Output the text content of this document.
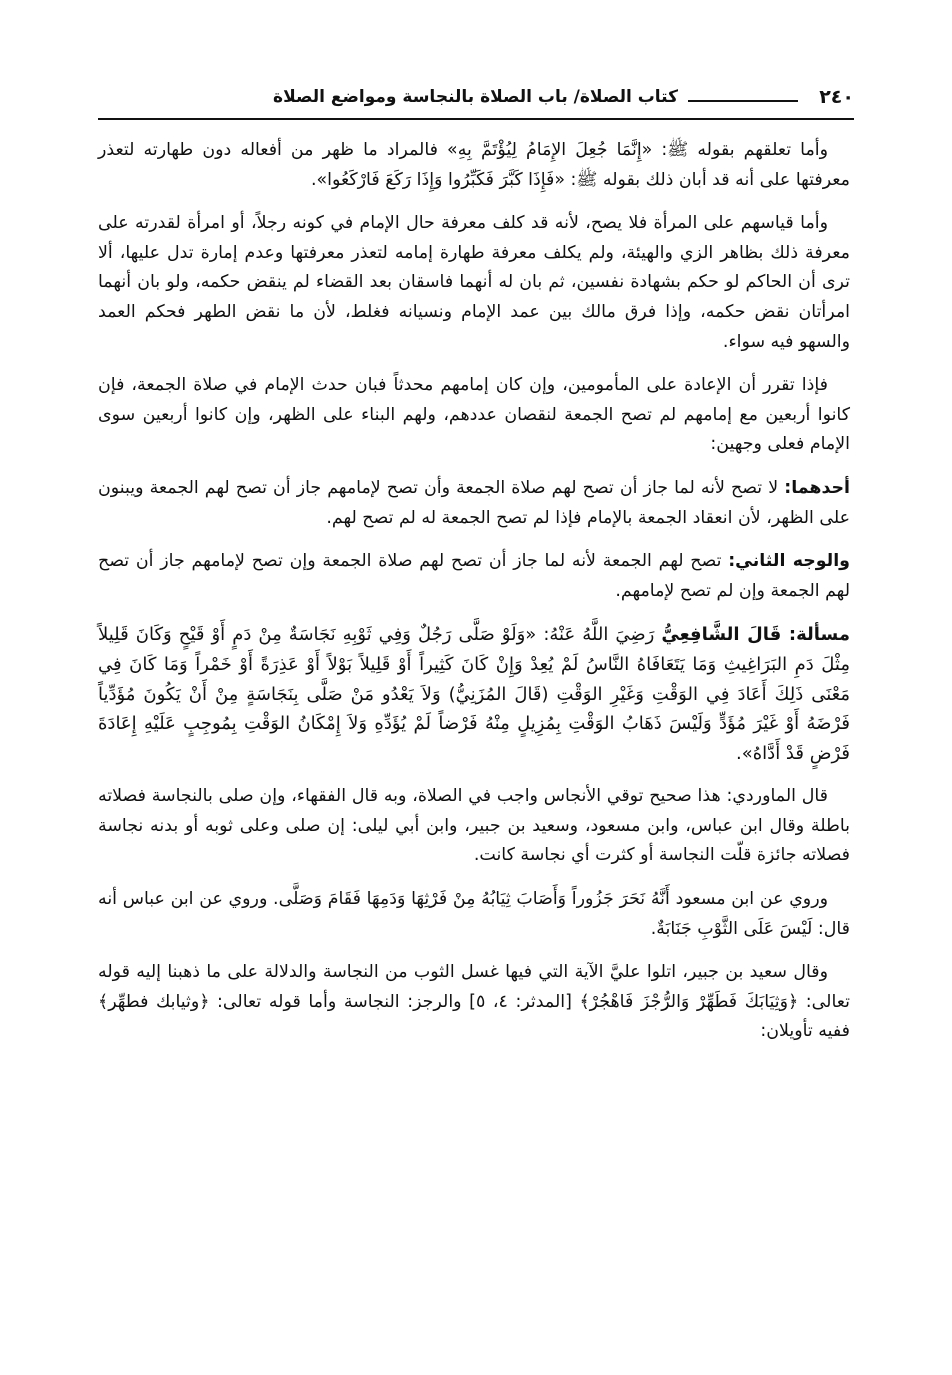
٢٤٠
كتاب الصلاة/ باب الصلاة بالنجاسة ومواضع الصلاة

وأما تعلقهم بقوله ﷺ: «إِنَّمَا جُعِلَ الإِمَامُ لِيُؤْتَمَّ بِهِ» فالمراد ما ظهر من أفعاله دون طهارته لتعذر معرفتها على أنه قد أبان ذلك بقوله ﷺ: «فَإِذَا كَبَّرَ فَكَبِّرُوا وَإِذَا رَكَعَ فَارْكَعُوا».

وأما قياسهم على المرأة فلا يصح، لأنه قد كلف معرفة حال الإمام في كونه رجلاً، أو امرأة لقدرته على معرفة ذلك بظاهر الزي والهيئة، ولم يكلف معرفة طهارة إمامه لتعذر معرفتها وعدم إمارة تدل عليها، ألا ترى أن الحاكم لو حكم بشهادة نفسين، ثم بان له أنهما فاسقان بعد القضاء لم ينقض حكمه، ولو بان أنهما امرأتان نقض حكمه، وإذا فرق مالك بين عمد الإمام ونسيانه فغلط، لأن ما نقض الطهر فحكم العمد والسهو فيه سواء.

فإذا تقرر أن الإعادة على المأمومين، وإن كان إمامهم محدثاً فبان حدث الإمام في صلاة الجمعة، فإن كانوا أربعين مع إمامهم لم تصح الجمعة لنقصان عددهم، ولهم البناء على الظهر، وإن كانوا أربعين سوى الإمام فعلى وجهين:

أحدهما: لا تصح لأنه لما جاز أن تصح لهم صلاة الجمعة وأن تصح لإمامهم جاز أن تصح لهم الجمعة ويبنون على الظهر، لأن انعقاد الجمعة بالإمام فإذا لم تصح الجمعة له لم تصح لهم.

والوجه الثاني: تصح لهم الجمعة لأنه لما جاز أن تصح لهم صلاة الجمعة وإن تصح لإمامهم جاز أن تصح لهم الجمعة وإن لم تصح لإمامهم.

مسألة: قَالَ الشَّافِعِيُّ رَضِيَ اللَّهُ عَنْهُ: «وَلَوْ صَلَّى رَجُلٌ وَفِي ثَوْبِهِ نَجَاسَةٌ مِنْ دَمٍ أَوْ قَيْحٍ وَكَانَ قَلِيلاً مِثْلَ دَمِ البَرَاغِيثِ وَمَا يَتَعَافَاهُ النَّاسُ لَمْ يُعِدْ وَإِنْ كَانَ كَثِيراً أَوْ قَلِيلاً بَوْلاً أَوْ عَذِرَةً أَوْ خَمْراً وَمَا كَانَ فِي مَعْنَى ذَلِكَ أَعَادَ فِي الوَقْتِ وَغَيْرِ الوَقْتِ (قَالَ المُزَنِيُّ) وَلاَ يَعْدُو مَنْ صَلَّى بِنَجَاسَةٍ مِنْ أَنْ يَكُونَ مُؤَدِّياً فَرْضَهُ أَوْ غَيْرَ مُؤَدٍّ وَلَيْسَ ذَهَابُ الوَقْتِ بِمُزِيلٍ مِنْهُ فَرْضاً لَمْ يُؤَدِّهِ وَلاَ إِمْكَانُ الوَقْتِ بِمُوجِبٍ عَلَيْهِ إِعَادَةَ فَرْضٍ قَدْ أَدَّاهُ».

قال الماوردي: هذا صحيح توقي الأنجاس واجب في الصلاة، وبه قال الفقهاء، وإن صلى بالنجاسة فصلاته باطلة وقال ابن عباس، وابن مسعود، وسعيد بن جبير، وابن أبي ليلى: إن صلى وعلى ثوبه أو بدنه نجاسة فصلاته جائزة قلّت النجاسة أو كثرت أي نجاسة كانت.

وروي عن ابن مسعود أَنَّهُ نَحَرَ جَزُوراً وَأَصَابَ ثِيَابُهُ مِنْ فَرْثِهَا وَدَمِهَا فَقَامَ وَصَلَّى. وروي عن ابن عباس أنه قال: لَيْسَ عَلَى الثَّوْبِ جَنَابَةٌ.

وقال سعيد بن جبير، اتلوا عليَّ الآية التي فيها غسل الثوب من النجاسة والدلالة على ما ذهبنا إليه قوله تعالى: ﴿وَثِيَابَكَ فَطَهِّرْ وَالرُّجْزَ فَاهْجُرْ﴾ [المدثر: ٤، ٥] والرجز: النجاسة وأما قوله تعالى: ﴿وثيابك فطهِّر﴾ ففيه تأويلان:
